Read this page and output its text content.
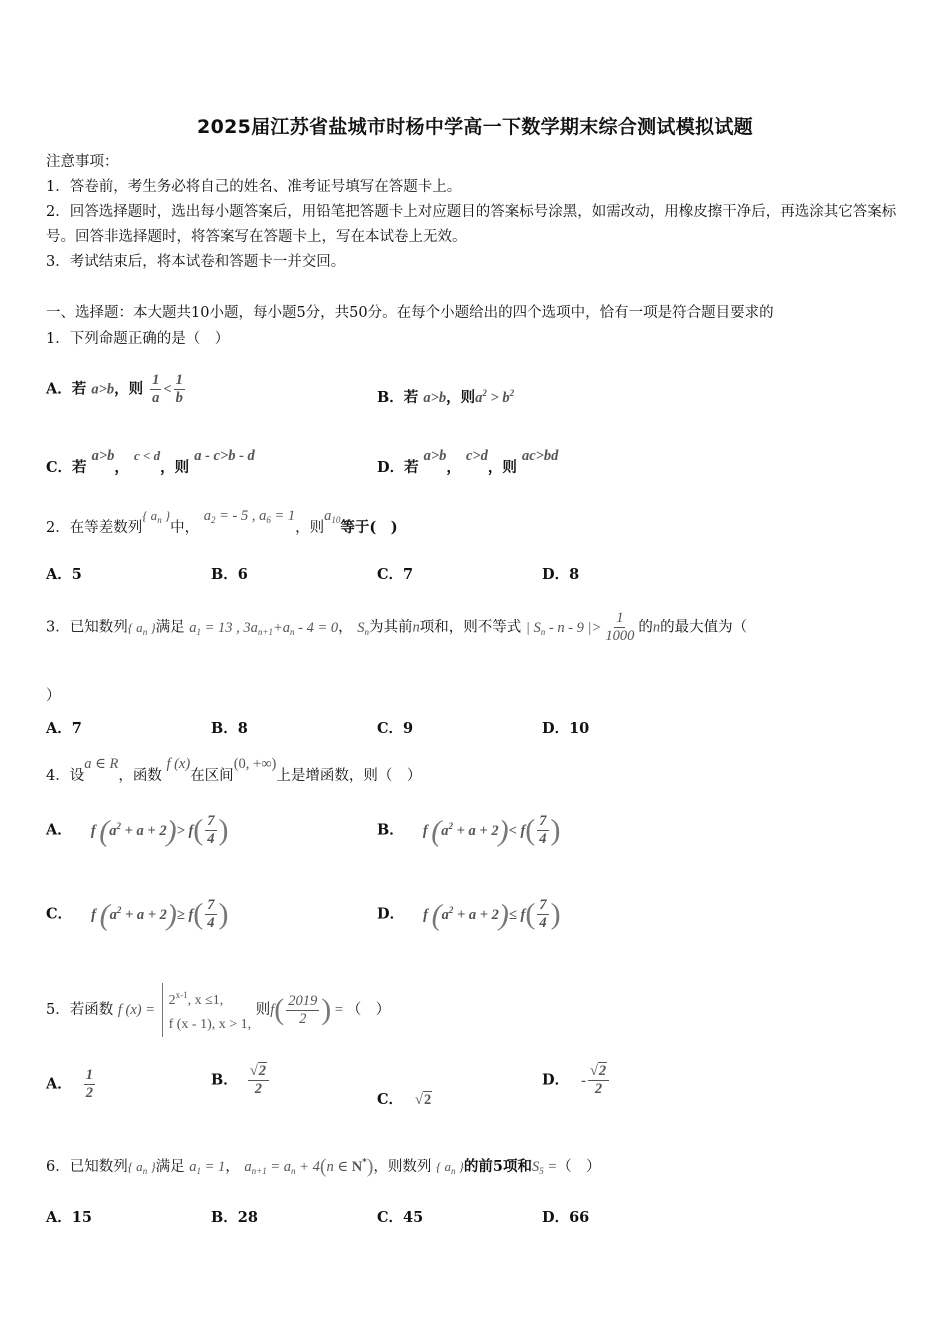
2025届江苏省盐城市时杨中学高一下数学期末综合测试模拟试题
注意事项：
1．答卷前，考生务必将自己的姓名、准考证号填写在答题卡上。
2．回答选择题时，选出每小题答案后，用铅笔把答题卡上对应题目的答案标号涂黑，如需改动，用橡皮擦干净后，再选涂其它答案标号。回答非选择题时，将答案写在答题卡上，写在本试卷上无效。
3．考试结束后，将本试卷和答题卡一并交回。
一、选择题：本大题共10小题，每小题5分，共50分。在每个小题给出的四个选项中，恰有一项是符合题目要求的
1．下列命题正确的是（　）
A．若 a>b，则 $\frac{1}{a} < \frac{1}{b}$	B．若 a>b，则$a^2 > b^2$
C．若 a>b， c < d，则 a - c>b - d
D．若 a>b， c>d，则 ac>bd
2．在等差数列{ $a_n$ }中， $a_2$ = - 5 , $a_6 = 1$，则$a_{10}$等于(　)
A．5	B．6	C．7	D．8
3．已知数列{ $a_n$ }满足 $a_1 = 13$ , $3a_{n+1}+a_n - 4 = 0$， $S_n$为其前n项和，则不等式 | $S_n$ - n - 9 |> $\frac{1}{1000}$ 的n的最大值为（
）
A．7	B．8	C．9	D．10
4．设a ∈ R，函数 f (x)在区间(0, +∞)上是增函数，则（　）
A． f $(a^2 + a + 2)> f( \frac{7}{4}$ )	B． f $(a^2 + a + 2)< f( \frac{7}{4}$ )
C． f $(a^2 + a + 2)\ge f( \frac{7}{4}$ )	D． f $(a^2 + a + 2)\le f( \frac{7}{4}$ )
5．若函数 f (x) =
2$^{x-1}$, x ≤1,
f (x - 1), x > 1,
则$f( \frac{2019}{2}$ ) = （　）
A． $\frac{1}{2}$	B． $\frac{√2}{2}$
C． √2
D． - $\frac{√2}{2}$
6．已知数列{ $a_n$ }满足 $a_1 = 1$， $a_{n+1} = a_n + 4(n$ ∈ N*)，则数列 { $a_n$ }的前5项和$S_5$ =（　）
A．15	B．28	C．45	D．66
